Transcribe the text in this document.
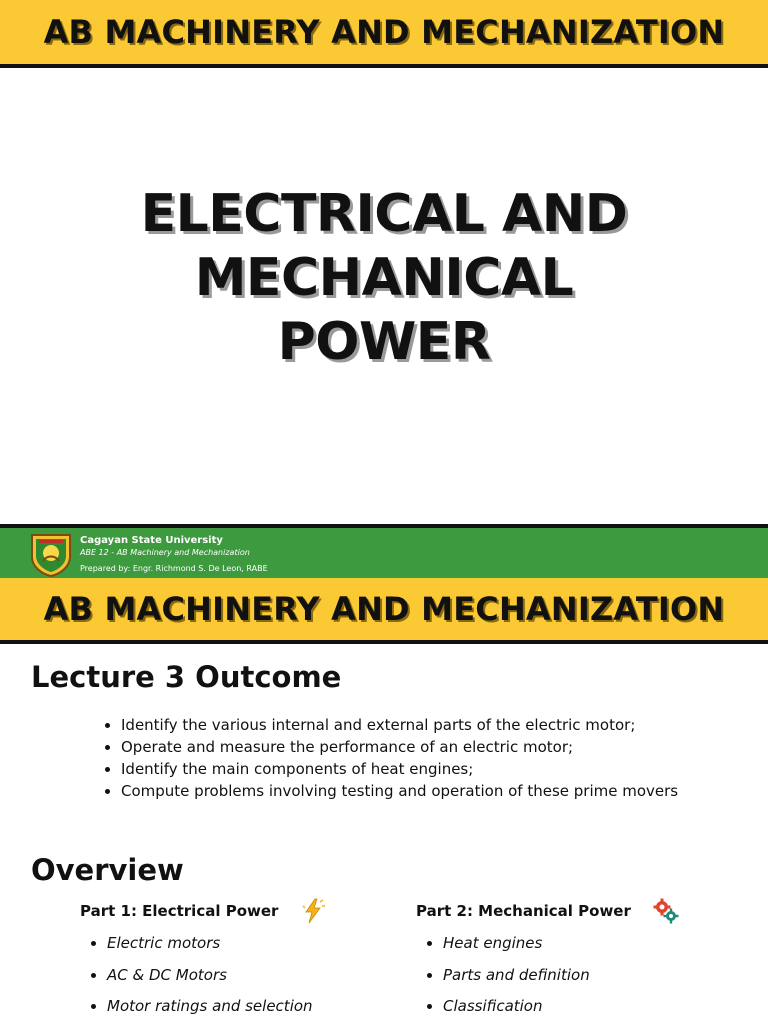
AB MACHINERY AND MECHANIZATION
ELECTRICAL AND
MECHANICAL
POWER
Cagayan State University
ABE 12 - AB Machinery and Mechanization
Prepared by: Engr. Richmond S. De Leon, RABE
AB MACHINERY AND MECHANIZATION
Lecture 3 Outcome
• Identify the various internal and external parts of the electric motor;
• Operate and measure the performance of an electric motor;
• Identify the main components of heat engines;
• Compute problems involving testing and operation of these prime movers
Overview
Part 1: Electrical Power
• Electric motors
• AC & DC Motors
• Motor ratings and selection
Part 2: Mechanical Power
• Heat engines
• Parts and definition
• Classification
